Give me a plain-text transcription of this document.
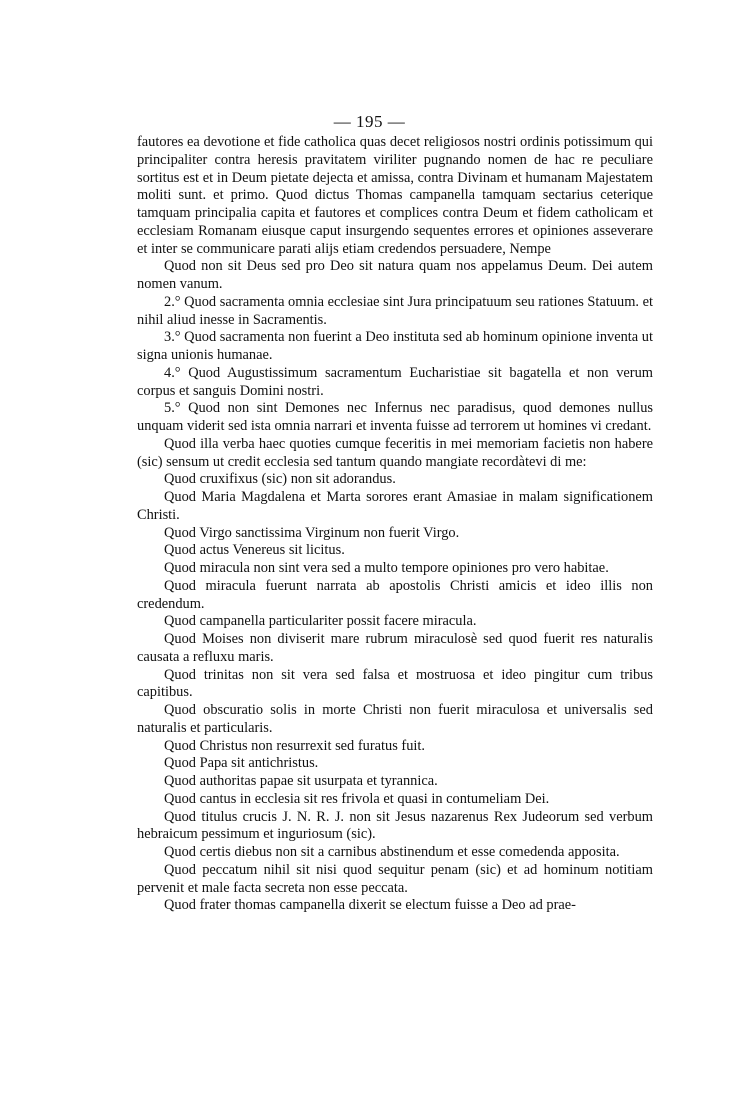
— 195 —

fautores ea devotione et fide catholica quas decet religiosos nostri ordinis potissimum qui principaliter contra heresis pravitatem viriliter pugnando nomen de hac re peculiare sortitus est et in Deum pietate dejecta et amissa, contra Divinam et humanam Majestatem moliti sunt. et primo. Quod dictus Thomas campanella tamquam sectarius ceterique tamquam principalia capita et fautores et complices contra Deum et fidem catholicam et ecclesiam Romanam eiusque caput insurgendo sequentes errores et opiniones asseverare et inter se communicare parati alijs etiam credendos persuadere, Nempe

Quod non sit Deus sed pro Deo sit natura quam nos appelamus Deum. Dei autem nomen vanum.

2.° Quod sacramenta omnia ecclesiae sint Jura principatuum seu rationes Statuum. et nihil aliud inesse in Sacramentis.

3.° Quod sacramenta non fuerint a Deo instituta sed ab hominum opinione inventa ut signa unionis humanae.

4.° Quod Augustissimum sacramentum Eucharistiae sit bagatella et non verum corpus et sanguis Domini nostri.

5.° Quod non sint Demones nec Infernus nec paradisus, quod demones nullus unquam viderit sed ista omnia narrari et inventa fuisse ad terrorem ut homines vi credant.

Quod illa verba haec quoties cumque feceritis in mei memoriam facietis non habere (sic) sensum ut credit ecclesia sed tantum quando mangiate recordàtevi di me:

Quod cruxifixus (sic) non sit adorandus.

Quod Maria Magdalena et Marta sorores erant Amasiae in malam significationem Christi.

Quod Virgo sanctissima Virginum non fuerit Virgo.

Quod actus Venereus sit licitus.

Quod miracula non sint vera sed a multo tempore opiniones pro vero habitae.

Quod miracula fuerunt narrata ab apostolis Christi amicis et ideo illis non credendum.

Quod campanella particulariter possit facere miracula.

Quod Moises non diviserit mare rubrum miraculosè sed quod fuerit res naturalis causata a refluxu maris.

Quod trinitas non sit vera sed falsa et mostruosa et ideo pingitur cum tribus capitibus.

Quod obscuratio solis in morte Christi non fuerit miraculosa et universalis sed naturalis et particularis.

Quod Christus non resurrexit sed furatus fuit.

Quod Papa sit antichristus.

Quod authoritas papae sit usurpata et tyrannica.

Quod cantus in ecclesia sit res frivola et quasi in contumeliam Dei.

Quod titulus crucis J. N. R. J. non sit Jesus nazarenus Rex Judeorum sed verbum hebraicum pessimum et inguriosum (sic).

Quod certis diebus non sit a carnibus abstinendum et esse comedenda apposita.

Quod peccatum nihil sit nisi quod sequitur penam (sic) et ad hominum notitiam pervenit et male facta secreta non esse peccata.

Quod frater thomas campanella dixerit se electum fuisse a Deo ad prae-
